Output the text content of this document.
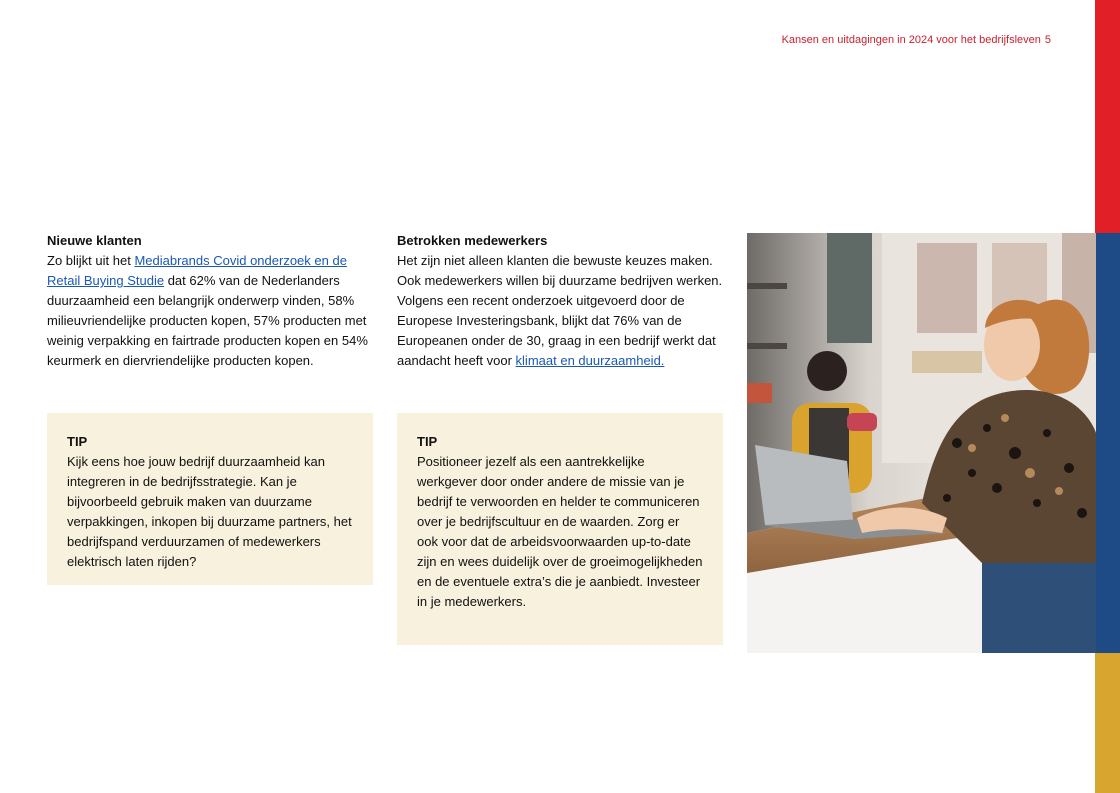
Kansen en uitdagingen in 2024 voor het bedrijfsleven 5
Nieuwe klanten
Zo blijkt uit het Mediabrands Covid onderzoek en de Retail Buying Studie dat 62% van de Nederlanders duurzaamheid een belangrijk onderwerp vinden, 58% milieuvriendelijke producten kopen, 57% producten met weinig verpakking en fairtrade producten kopen en 54% keurmerk en diervriendelijke producten kopen.
TIP
Kijk eens hoe jouw bedrijf duurzaamheid kan integreren in de bedrijfsstrategie. Kan je bijvoorbeeld gebruik maken van duurzame verpakkingen, inkopen bij duurzame partners, het bedrijfspand verduurzamen of medewerkers elektrisch laten rijden?
Betrokken medewerkers
Het zijn niet alleen klanten die bewuste keuzes maken. Ook medewerkers willen bij duurzame bedrijven werken. Volgens een recent onderzoek uitgevoerd door de Europese Investeringsbank, blijkt dat 76% van de Europeanen onder de 30, graag in een bedrijf werkt dat aandacht heeft voor klimaat en duurzaamheid.
TIP
Positioneer jezelf als een aantrekkelijke werkgever door onder andere de missie van je bedrijf te verwoorden en helder te communiceren over je bedrijfscultuur en de waarden. Zorg er ook voor dat de arbeidsvoorwaarden up-to-date zijn en wees duidelijk over de groeimogelijkheden en de eventuele extra’s die je aanbiedt. Investeer in je medewerkers.
